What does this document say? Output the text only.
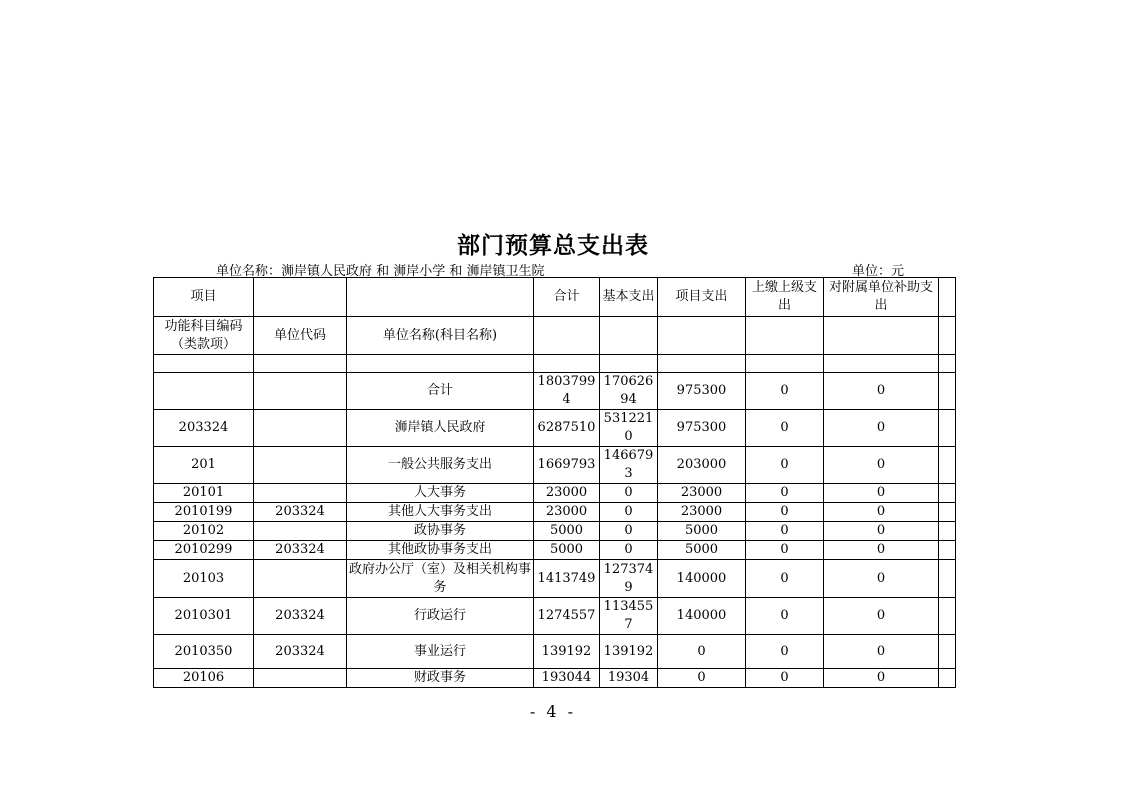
部门预算总支出表
单位名称：浉岸镇人民政府 和 浉岸小学 和 浉岸镇卫生院	单位：元
项目			合计	基本支出	项目支出	上缴上级支出	对附属单位补助支出	
功能科目编码（类款项）	单位代码	单位名称(科目名称)						

		合计	18037994	17062694	975300	0	0	
203324		浉岸镇人民政府	6287510	5312210	975300	0	0	
201		一般公共服务支出	1669793	1466793	203000	0	0	
20101		人大事务	23000	0	23000	0	0	
2010199	203324	其他人大事务支出	23000	0	23000	0	0	
20102		政协事务	5000	0	5000	0	0	
2010299	203324	其他政协事务支出	5000	0	5000	0	0	
20103		政府办公厅（室）及相关机构事务	1413749	1273749	140000	0	0	
2010301	203324	行政运行	1274557	1134557	140000	0	0	
2010350	203324	事业运行	139192	139192	0	0	0	
20106		财政事务	193044	19304	0	0	0	
- 4 -
